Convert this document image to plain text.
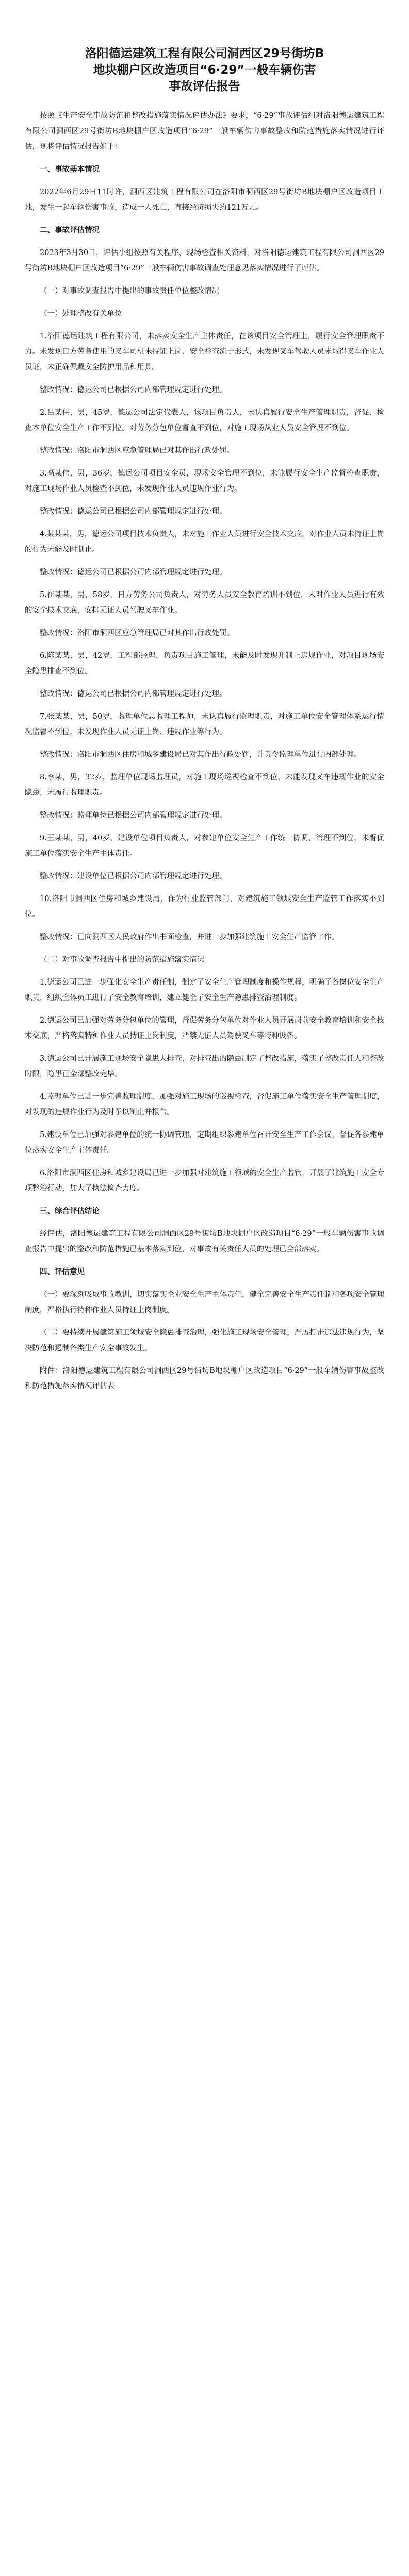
洛阳德运建筑工程有限公司洞西区29号街坊B
地块棚户区改造项目“6·29”一般车辆伤害
事故评估报告

按照《生产安全事故防范和整改措施落实情况评估办法》要求，“6·29”事故评估组对洛阳德运建筑工程有限公司洞西区29号街坊B地块棚户区改造项目“6·29”一般车辆伤害事故整改和防范措施落实情况进行评估，现将评估情况报告如下：

一、事故基本情况

2022年6月29日11时许，洞西区建筑工程有限公司在洛阳市洞西区29号街坊B地块棚户区改造项目工地，发生一起车辆伤害事故，造成一人死亡，直接经济损失约121万元。

二、事故评估情况

2023年3月30日，评估小组按照有关程序，现场检查相关资料，对洛阳德运建筑工程有限公司洞西区29号街坊B地块棚户区改造项目“6·29”一般车辆伤害事故调查处理意见落实情况进行了评估。

（一）对事故调查报告中提出的事故责任单位整改情况

（一）处理整改有关单位

1.洛阳德运建筑工程有限公司，未落实安全生产主体责任，在该项目安全管理上，履行安全管理职责不力。未发现日方劳务使用的叉车司机未持证上岗、安全检查流于形式，未发现叉车驾驶人员未取得叉车作业人员证，未正确佩戴安全防护用品和用具。

整改情况：德运公司已根据公司内部管理规定进行处理。

2.吕某伟，男，45岁，德运公司法定代表人，该项目负责人，未认真履行安全生产管理职责，督促、检查本单位安全生产工作不到位。对劳务分包单位督查不到位，对施工现场从业人员安全管理不到位。

整改情况：洛阳市洞西区应急管理局已对其作出行政处罚。

3.高某伟，男，36岁，德运公司项目安全员，现场安全管理不到位，未能履行安全生产监督检查职责，对施工现场作业人员检查不到位，未发现作业人员违规作业行为。

整改情况：德运公司已根据公司内部管理规定进行处理。

4.某某某，男，德运公司项目技术负责人，未对施工作业人员进行安全技术交底，对作业人员未持证上岗的行为未能及时制止。

整改情况：德运公司已根据公司内部管理规定进行处理。

5.崔某某，男，58岁，日方劳务公司负责人，对劳务人员安全教育培训不到位，未对作业人员进行有效的安全技术交底，安排无证人员驾驶叉车作业。

整改情况：洛阳市洞西区应急管理局已对其作出行政处罚。

6.陈某某，男，42岁，工程部经理，负责项目施工管理，未能及时发现并制止违规作业，对项目现场安全隐患排查不到位。

整改情况：德运公司已根据公司内部管理规定进行处理。

7.张某某，男，50岁，监理单位总监理工程师，未认真履行监理职责，对施工单位安全管理体系运行情况监督不到位，未发现作业人员无证上岗、违规作业等行为。

整改情况：洛阳市洞西区住房和城乡建设局已对其作出行政处罚，并责令监理单位进行内部处理。

8.李某，男，32岁，监理单位现场监理员，对施工现场巡视检查不到位，未能发现叉车违规作业的安全隐患，未履行监理职责。

整改情况：监理单位已根据公司内部管理规定进行处理。

9.王某某，男，40岁，建设单位项目负责人，对参建单位安全生产工作统一协调、管理不到位，未督促施工单位落实安全生产主体责任。

整改情况：建设单位已根据公司内部管理规定进行处理。

10.洛阳市洞西区住房和城乡建设局，作为行业监管部门，对建筑施工领域安全生产监管工作落实不到位。

整改情况：已向洞西区人民政府作出书面检查，并进一步加强建筑施工安全生产监管工作。

（二）对事故调查报告中提出的防范措施落实情况

1.德运公司已进一步强化安全生产责任制，制定了安全生产管理制度和操作规程，明确了各岗位安全生产职责，组织全体员工进行了安全教育培训，建立健全了安全生产隐患排查治理制度。

2.德运公司已加强对劳务分包单位的管理，督促劳务分包单位对作业人员开展岗前安全教育培训和安全技术交底，严格落实特种作业人员持证上岗制度，严禁无证人员驾驶叉车等特种设备。

3.德运公司已开展施工现场安全隐患大排查，对排查出的隐患制定了整改措施，落实了整改责任人和整改时限，隐患已全部整改完毕。

4.监理单位已进一步完善监理制度，加强对施工现场的巡视检查，督促施工单位落实安全生产管理制度，对发现的违规作业行为及时予以制止并报告。

5.建设单位已加强对参建单位的统一协调管理，定期组织参建单位召开安全生产工作会议，督促各参建单位落实安全生产主体责任。

6.洛阳市洞西区住房和城乡建设局已进一步加强对建筑施工领域的安全生产监管，开展了建筑施工安全专项整治行动，加大了执法检查力度。

三、综合评估结论

经评估，洛阳德运建筑工程有限公司洞西区29号街坊B地块棚户区改造项目“6·29”一般车辆伤害事故调查报告中提出的整改和防范措施已基本落实到位，对事故有关责任人员的处理已全部落实。

四、评估意见

（一）要深刻吸取事故教训，切实落实企业安全生产主体责任，健全完善安全生产责任制和各项安全管理制度，严格执行特种作业人员持证上岗制度。

（二）要持续开展建筑施工领域安全隐患排查治理，强化施工现场安全管理，严厉打击违法违规行为，坚决防范和遏制各类生产安全事故发生。

附件：洛阳德运建筑工程有限公司洞西区29号街坊B地块棚户区改造项目“6·29”一般车辆伤害事故整改和防范措施落实情况评估表
